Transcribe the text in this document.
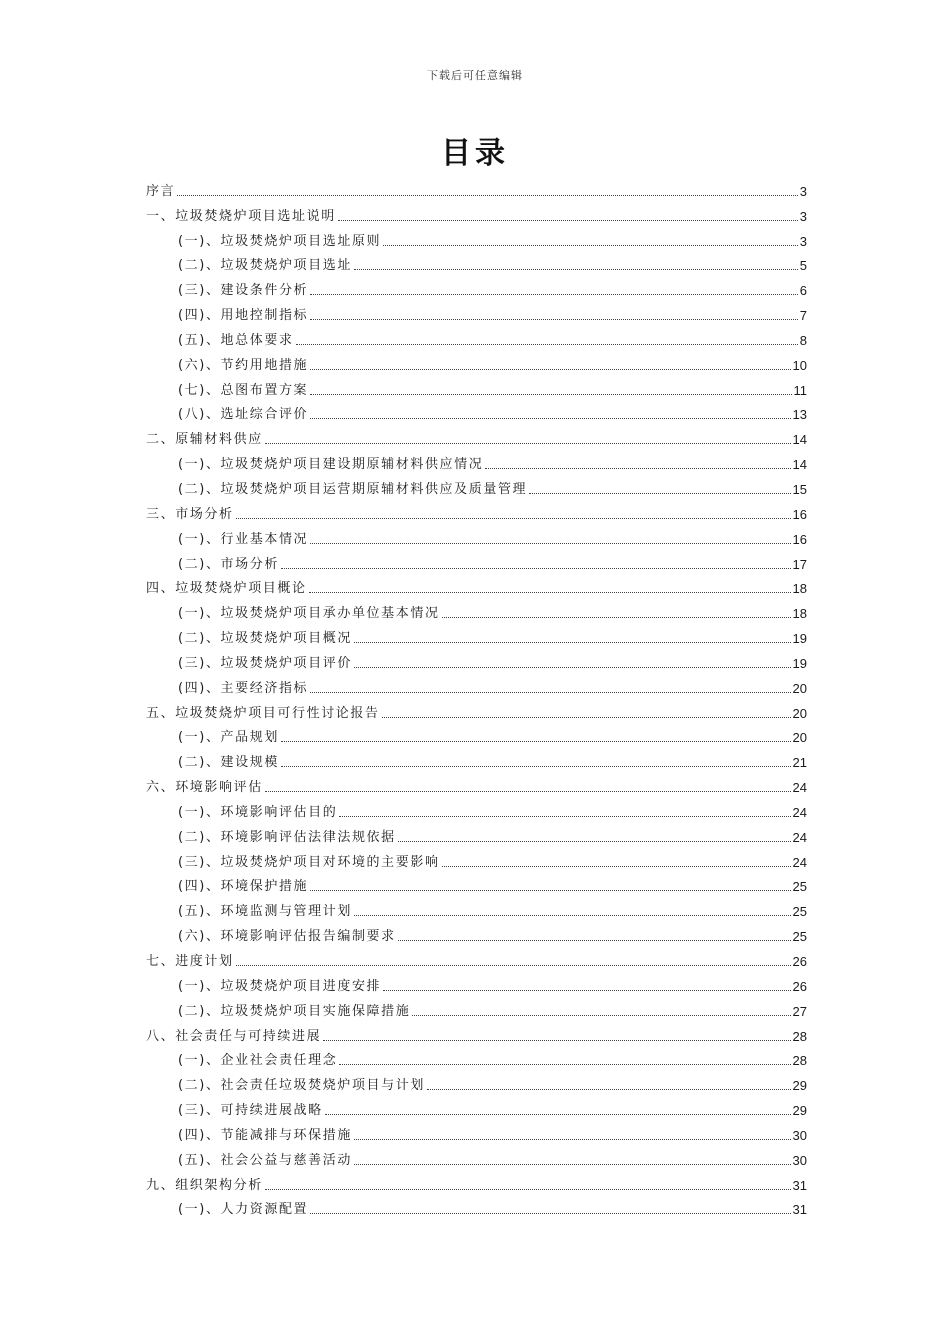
下载后可任意编辑
目录
序言	3
一、垃圾焚烧炉项目选址说明	3
(一)、垃圾焚烧炉项目选址原则	3
(二)、垃圾焚烧炉项目选址	5
(三)、建设条件分析	6
(四)、用地控制指标	7
(五)、地总体要求	8
(六)、节约用地措施	10
(七)、总图布置方案	11
(八)、选址综合评价	13
二、原辅材料供应	14
(一)、垃圾焚烧炉项目建设期原辅材料供应情况	14
(二)、垃圾焚烧炉项目运营期原辅材料供应及质量管理	15
三、市场分析	16
(一)、行业基本情况	16
(二)、市场分析	17
四、垃圾焚烧炉项目概论	18
(一)、垃圾焚烧炉项目承办单位基本情况	18
(二)、垃圾焚烧炉项目概况	19
(三)、垃圾焚烧炉项目评价	19
(四)、主要经济指标	20
五、垃圾焚烧炉项目可行性讨论报告	20
(一)、产品规划	20
(二)、建设规模	21
六、环境影响评估	24
(一)、环境影响评估目的	24
(二)、环境影响评估法律法规依据	24
(三)、垃圾焚烧炉项目对环境的主要影响	24
(四)、环境保护措施	25
(五)、环境监测与管理计划	25
(六)、环境影响评估报告编制要求	25
七、进度计划	26
(一)、垃圾焚烧炉项目进度安排	26
(二)、垃圾焚烧炉项目实施保障措施	27
八、社会责任与可持续进展	28
(一)、企业社会责任理念	28
(二)、社会责任垃圾焚烧炉项目与计划	29
(三)、可持续进展战略	29
(四)、节能减排与环保措施	30
(五)、社会公益与慈善活动	30
九、组织架构分析	31
(一)、人力资源配置	31
